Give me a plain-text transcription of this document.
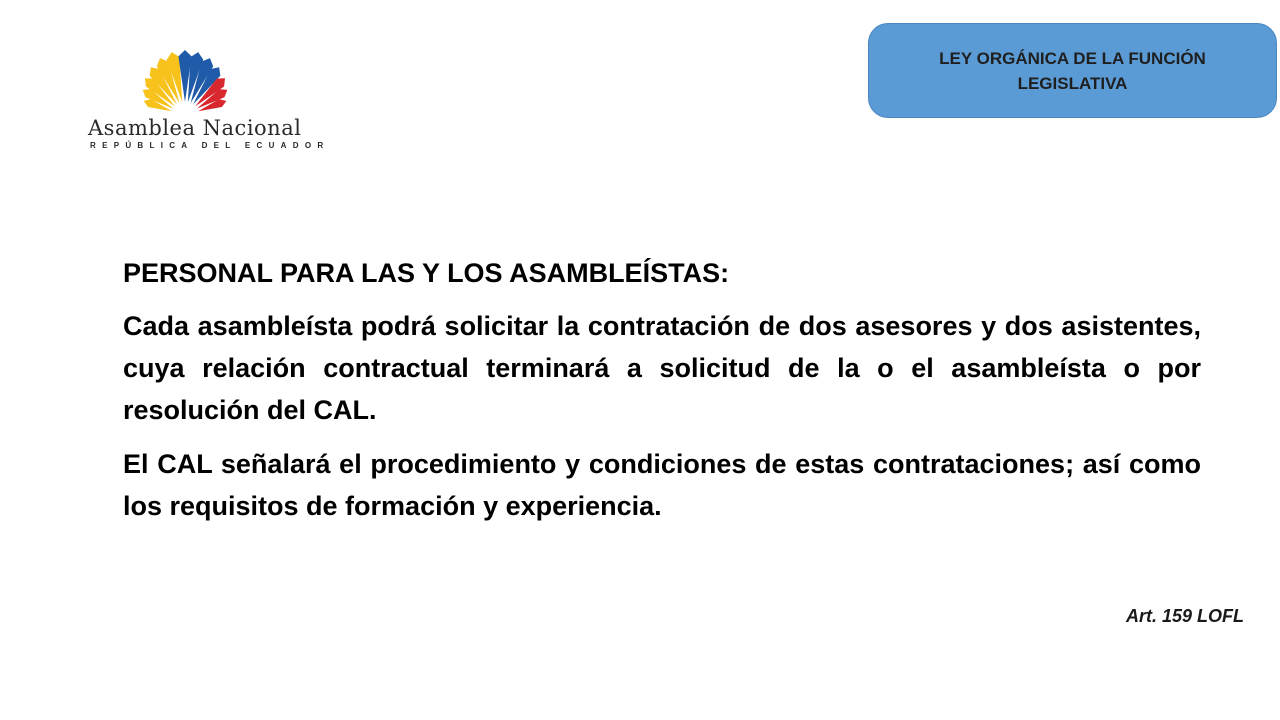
Asamblea Nacional
REPÚBLICA DEL ECUADOR
LEY ORGÁNICA DE LA FUNCIÓN LEGISLATIVA
PERSONAL PARA LAS Y LOS ASAMBLEÍSTAS:
Cada asambleísta podrá solicitar la contratación de dos asesores y dos asistentes, cuya relación contractual terminará a solicitud de la o el asambleísta o por resolución del CAL.
El CAL señalará el procedimiento y condiciones de estas contrataciones; así como los requisitos de formación y experiencia.
Art. 159 LOFL
